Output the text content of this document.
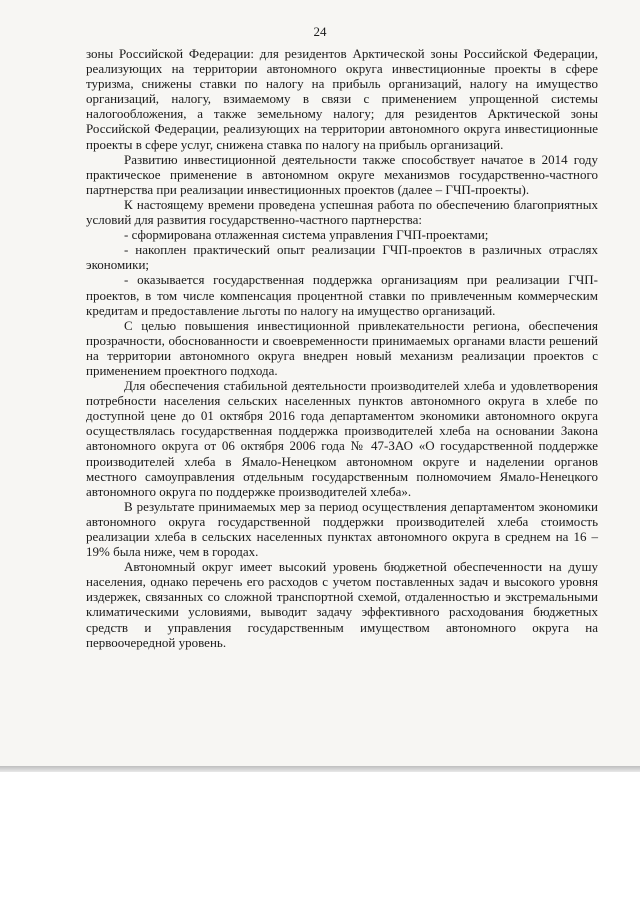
24

зоны Российской Федерации: для резидентов Арктической зоны Российской Федерации, реализующих на территории автономного округа инвестиционные проекты в сфере туризма, снижены ставки по налогу на прибыль организаций, налогу на имущество организаций, налогу, взимаемому в связи с применением упрощенной системы налогообложения, а также земельному налогу; для резидентов Арктической зоны Российской Федерации, реализующих на территории автономного округа инвестиционные проекты в сфере услуг, снижена ставка по налогу на прибыль организаций.

Развитию инвестиционной деятельности также способствует начатое в 2014 году практическое применение в автономном округе механизмов государственно-частного партнерства при реализации инвестиционных проектов (далее – ГЧП-проекты).

К настоящему времени проведена успешная работа по обеспечению благоприятных условий для развития государственно-частного партнерства:

- сформирована отлаженная система управления ГЧП-проектами;

- накоплен практический опыт реализации ГЧП-проектов в различных отраслях экономики;

- оказывается государственная поддержка организациям при реализации ГЧП-проектов, в том числе компенсация процентной ставки по привлеченным коммерческим кредитам и предоставление льготы по налогу на имущество организаций.

С целью повышения инвестиционной привлекательности региона, обеспечения прозрачности, обоснованности и своевременности принимаемых органами власти решений на территории автономного округа внедрен новый механизм реализации проектов с применением проектного подхода.

Для обеспечения стабильной деятельности производителей хлеба и удовлетворения потребности населения сельских населенных пунктов автономного округа в хлебе по доступной цене до 01 октября 2016 года департаментом экономики автономного округа осуществлялась государственная поддержка производителей хлеба на основании Закона автономного округа от 06 октября 2006 года № 47-ЗАО «О государственной поддержке производителей хлеба в Ямало-Ненецком автономном округе и наделении органов местного самоуправления отдельным государственным полномочием Ямало-Ненецкого автономного округа по поддержке производителей хлеба».

В результате принимаемых мер за период осуществления департаментом экономики автономного округа государственной поддержки производителей хлеба стоимость реализации хлеба в сельских населенных пунктах автономного округа в среднем на 16 – 19% была ниже, чем в городах.

Автономный округ имеет высокий уровень бюджетной обеспеченности на душу населения, однако перечень его расходов с учетом поставленных задач и высокого уровня издержек, связанных со сложной транспортной схемой, отдаленностью и экстремальными климатическими условиями, выводит задачу эффективного расходования бюджетных средств и управления государственным имуществом автономного округа на первоочередной уровень.
